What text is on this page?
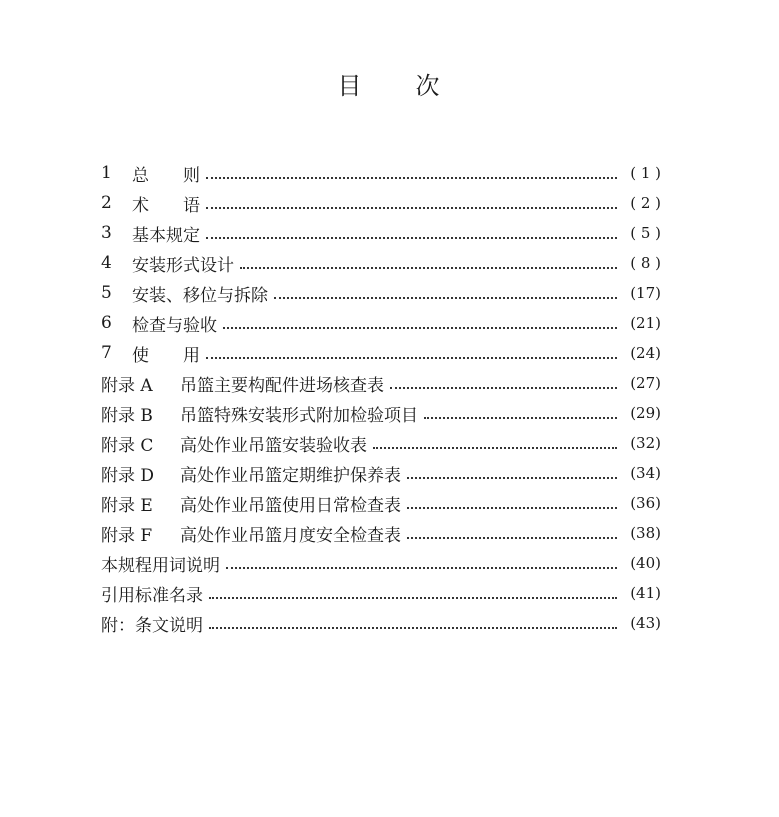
目 次
1	总　　则	( 1 )
2	术　　语	( 2 )
3	基本规定	( 5 )
4	安装形式设计	( 8 )
5	安装、移位与拆除	(17)
6	检查与验收	(21)
7	使　　用	(24)
附录 A	吊篮主要构配件进场核查表	(27)
附录 B	吊篮特殊安装形式附加检验项目	(29)
附录 C	高处作业吊篮安装验收表	(32)
附录 D	高处作业吊篮定期维护保养表	(34)
附录 E	高处作业吊篮使用日常检查表	(36)
附录 F	高处作业吊篮月度安全检查表	(38)
本规程用词说明	(40)
引用标准名录	(41)
附：条文说明	(43)
